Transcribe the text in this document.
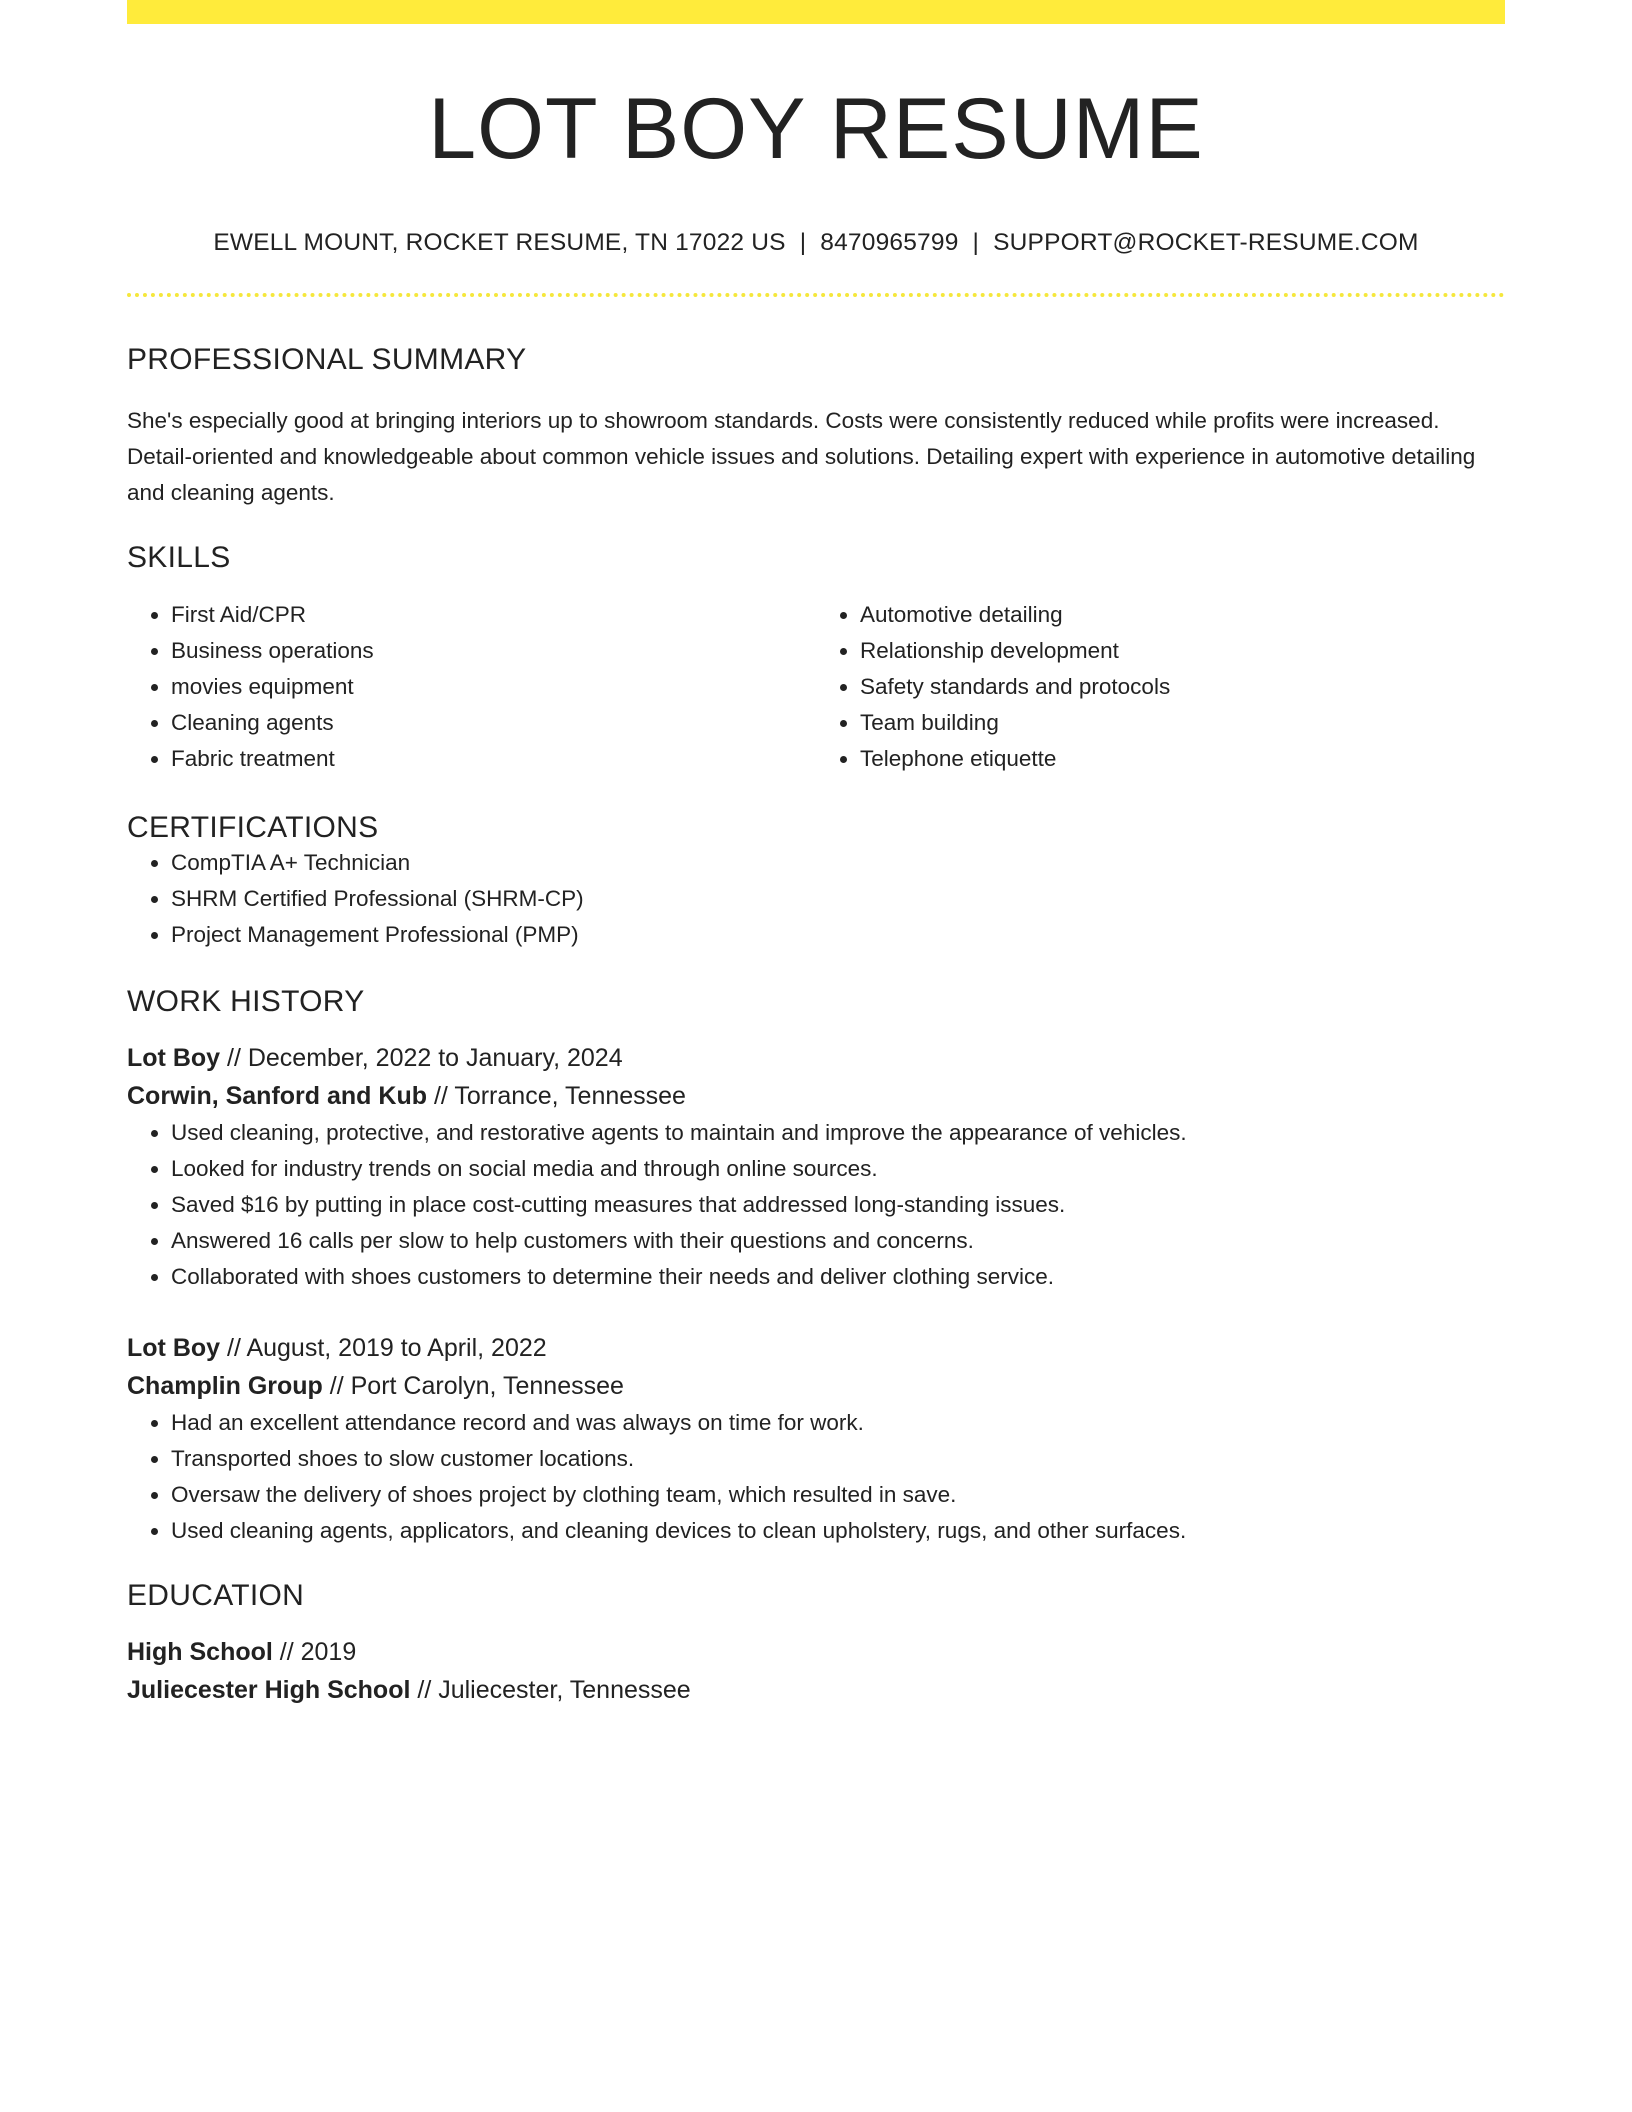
LOT BOY RESUME
EWELL MOUNT, ROCKET RESUME, TN 17022 US | 8470965799 | SUPPORT@ROCKET-RESUME.COM
PROFESSIONAL SUMMARY
She's especially good at bringing interiors up to showroom standards. Costs were consistently reduced while profits were increased. Detail-oriented and knowledgeable about common vehicle issues and solutions. Detailing expert with experience in automotive detailing and cleaning agents.
SKILLS
• First Aid/CPR
• Business operations
• movies equipment
• Cleaning agents
• Fabric treatment
• Automotive detailing
• Relationship development
• Safety standards and protocols
• Team building
• Telephone etiquette
CERTIFICATIONS
• CompTIA A+ Technician
• SHRM Certified Professional (SHRM-CP)
• Project Management Professional (PMP)
WORK HISTORY
Lot Boy // December, 2022 to January, 2024
Corwin, Sanford and Kub // Torrance, Tennessee
• Used cleaning, protective, and restorative agents to maintain and improve the appearance of vehicles.
• Looked for industry trends on social media and through online sources.
• Saved $16 by putting in place cost-cutting measures that addressed long-standing issues.
• Answered 16 calls per slow to help customers with their questions and concerns.
• Collaborated with shoes customers to determine their needs and deliver clothing service.
Lot Boy // August, 2019 to April, 2022
Champlin Group // Port Carolyn, Tennessee
• Had an excellent attendance record and was always on time for work.
• Transported shoes to slow customer locations.
• Oversaw the delivery of shoes project by clothing team, which resulted in save.
• Used cleaning agents, applicators, and cleaning devices to clean upholstery, rugs, and other surfaces.
EDUCATION
High School // 2019
Juliecester High School // Juliecester, Tennessee
